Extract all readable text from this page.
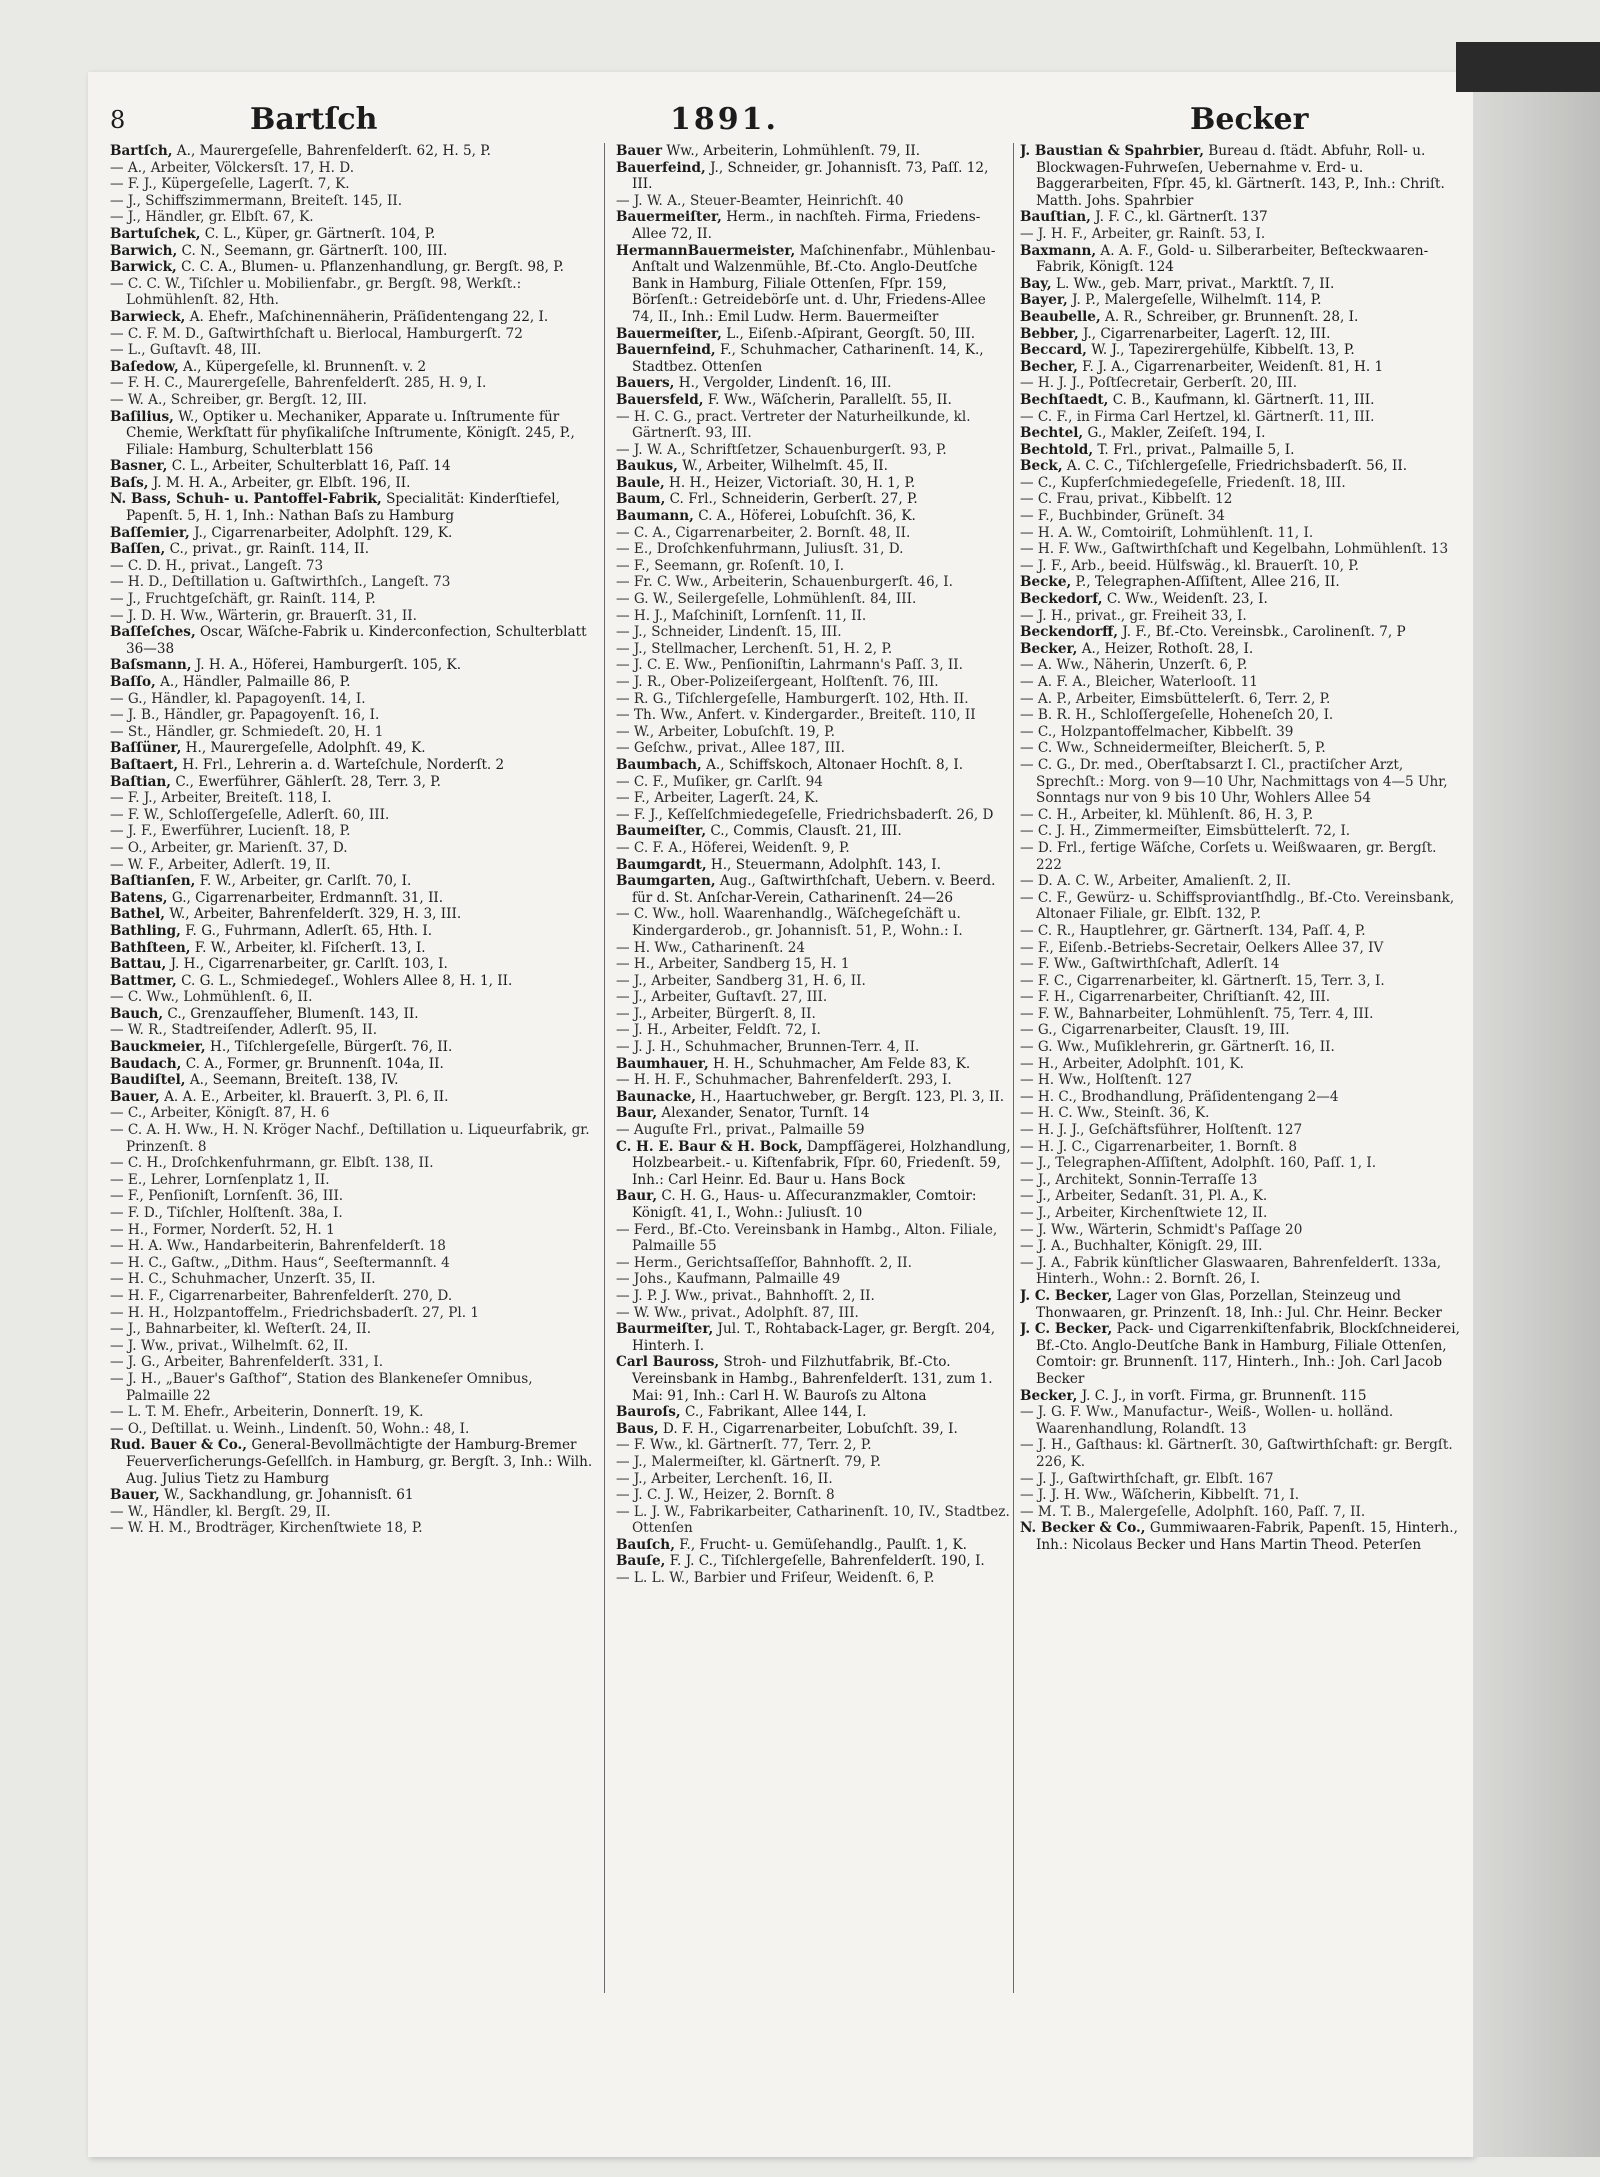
8	Bartſch	1891.	Becker
Bartſch, A., Maurergeſelle, Bahrenfelderſt. 62, H. 5, P.
— A., Arbeiter, Völckersſt. 17, H. D.
— F. J., Küpergeſelle, Lagerſt. 7, K.
— J., Schiffszimmermann, Breiteſt. 145, II.
— J., Händler, gr. Elbſt. 67, K.
Bartuſchek, C. L., Küper, gr. Gärtnerſt. 104, P.
Barwich, C. N., Seemann, gr. Gärtnerſt. 100, III.
Barwick, C. C. A., Blumen- u. Pflanzenhandlung, gr. Bergſt. 98, P.
— C. C. W., Tiſchler u. Mobilienfabr., gr. Bergſt. 98, Werkſt.: Lohmühlenſt. 82, Hth.
Barwieck, A. Ehefr., Maſchinennäherin, Präſidentengang 22, I.
— C. F. M. D., Gaſtwirthſchaft u. Bierlocal, Hamburgerſt. 72
— L., Guſtavſt. 48, III.
Baſedow, A., Küpergeſelle, kl. Brunnenſt. v. 2
— F. H. C., Maurergeſelle, Bahrenfelderſt. 285, H. 9, I.
— W. A., Schreiber, gr. Bergſt. 12, III.
Baſilius, W., Optiker u. Mechaniker, Apparate u. Inſtrumente für Chemie, Werkſtatt für phyſikaliſche Inſtrumente, Königſt. 245, P., Filiale: Hamburg, Schulterblatt 156
Basner, C. L., Arbeiter, Schulterblatt 16, Paſſ. 14
Baſs, J. M. H. A., Arbeiter, gr. Elbſt. 196, II.
N. Bass, Schuh- u. Pantoffel-Fabrik, Specialität: Kinderſtiefel, Papenſt. 5, H. 1, Inh.: Nathan Baſs zu Hamburg
Baſſemier, J., Cigarrenarbeiter, Adolphſt. 129, K.
Baſſen, C., privat., gr. Rainſt. 114, II.
— C. D. H., privat., Langeſt. 73
— H. D., Deſtillation u. Gaſtwirthſch., Langeſt. 73
— J., Fruchtgeſchäft, gr. Rainſt. 114, P.
— J. D. H. Ww., Wärterin, gr. Brauerſt. 31, II.
Baſſeſches, Oscar, Wäſche-Fabrik u. Kinderconfection, Schulterblatt 36—38
Baſsmann, J. H. A., Höferei, Hamburgerſt. 105, K.
Baſſo, A., Händler, Palmaille 86, P.
— G., Händler, kl. Papagoyenſt. 14, I.
— J. B., Händler, gr. Papagoyenſt. 16, I.
— St., Händler, gr. Schmiedeſt. 20, H. 1
Baſſüner, H., Maurergeſelle, Adolphſt. 49, K.
Baſtaert, H. Frl., Lehrerin a. d. Warteſchule, Norderſt. 2
Baſtian, C., Ewerführer, Gählerſt. 28, Terr. 3, P.
— F. J., Arbeiter, Breiteſt. 118, I.
— F. W., Schloſſergeſelle, Adlerſt. 60, III.
— J. F., Ewerführer, Lucienſt. 18, P.
— O., Arbeiter, gr. Marienſt. 37, D.
— W. F., Arbeiter, Adlerſt. 19, II.
Baſtianſen, F. W., Arbeiter, gr. Carlſt. 70, I.
Batens, G., Cigarrenarbeiter, Erdmannſt. 31, II.
Bathel, W., Arbeiter, Bahrenfelderſt. 329, H. 3, III.
Bathling, F. G., Fuhrmann, Adlerſt. 65, Hth. I.
Bathſteen, F. W., Arbeiter, kl. Fiſcherſt. 13, I.
Battau, J. H., Cigarrenarbeiter, gr. Carlſt. 103, I.
Battmer, C. G. L., Schmiedegeſ., Wohlers Allee 8, H. 1, II.
— C. Ww., Lohmühlenſt. 6, II.
Bauch, C., Grenzaufſeher, Blumenſt. 143, II.
— W. R., Stadtreiſender, Adlerſt. 95, II.
Bauckmeier, H., Tiſchlergeſelle, Bürgerſt. 76, II.
Baudach, C. A., Former, gr. Brunnenſt. 104a, II.
Baudiſtel, A., Seemann, Breiteſt. 138, IV.
Bauer, A. A. E., Arbeiter, kl. Brauerſt. 3, Pl. 6, II.
— C., Arbeiter, Königſt. 87, H. 6
— C. A. H. Ww., H. N. Kröger Nachf., Deſtillation u. Liqueurfabrik, gr. Prinzenſt. 8
— C. H., Droſchkenfuhrmann, gr. Elbſt. 138, II.
— E., Lehrer, Lornſenplatz 1, II.
— F., Penſioniſt, Lornſenſt. 36, III.
— F. D., Tiſchler, Holſtenſt. 38a, I.
— H., Former, Norderſt. 52, H. 1
— H. A. Ww., Handarbeiterin, Bahrenfelderſt. 18
— H. C., Gaſtw., „Dithm. Haus“, Seeſtermannſt. 4
— H. C., Schuhmacher, Unzerſt. 35, II.
— H. F., Cigarrenarbeiter, Bahrenfelderſt. 270, D.
— H. H., Holzpantoffelm., Friedrichsbaderſt. 27, Pl. 1
— J., Bahnarbeiter, kl. Weſterſt. 24, II.
— J. Ww., privat., Wilhelmſt. 62, II.
— J. G., Arbeiter, Bahrenfelderſt. 331, I.
— J. H., „Bauer's Gaſthof“, Station des Blankeneſer Omnibus, Palmaille 22
— L. T. M. Ehefr., Arbeiterin, Donnerſt. 19, K.
— O., Deſtillat. u. Weinh., Lindenſt. 50, Wohn.: 48, I.
Rud. Bauer & Co., General-Bevollmächtigte der Hamburg-Bremer Feuerverſicherungs-Geſellſch. in Hamburg, gr. Bergſt. 3, Inh.: Wilh. Aug. Julius Tietz zu Hamburg
Bauer, W., Sackhandlung, gr. Johannisſt. 61
— W., Händler, kl. Bergſt. 29, II.
— W. H. M., Brodträger, Kirchenſtwiete 18, P.
Bauer Ww., Arbeiterin, Lohmühlenſt. 79, II.
Bauerfeind, J., Schneider, gr. Johannisſt. 73, Paſſ. 12, III.
— J. W. A., Steuer-Beamter, Heinrichſt. 40
Bauermeiſter, Herm., in nachſteh. Firma, Friedens-Allee 72, II.
HermannBauermeister, Maſchinenfabr., Mühlenbau-Anſtalt und Walzenmühle, Bf.-Cto. Anglo-Deutſche Bank in Hamburg, Filiale Ottenſen, Fſpr. 159, Börſenſt.: Getreidebörſe unt. d. Uhr, Friedens-Allee 74, II., Inh.: Emil Ludw. Herm. Bauermeiſter
Bauermeiſter, L., Eiſenb.-Aſpirant, Georgſt. 50, III.
Bauernfeind, F., Schuhmacher, Catharinenſt. 14, K., Stadtbez. Ottenſen
Bauers, H., Vergolder, Lindenſt. 16, III.
Bauersfeld, F. Ww., Wäſcherin, Parallelſt. 55, II.
— H. C. G., pract. Vertreter der Naturheilkunde, kl. Gärtnerſt. 93, III.
— J. W. A., Schriftſetzer, Schauenburgerſt. 93, P.
Baukus, W., Arbeiter, Wilhelmſt. 45, II.
Baule, H. H., Heizer, Victoriaſt. 30, H. 1, P.
Baum, C. Frl., Schneiderin, Gerberſt. 27, P.
Baumann, C. A., Höferei, Lobuſchſt. 36, K.
— C. A., Cigarrenarbeiter, 2. Bornſt. 48, II.
— E., Droſchkenfuhrmann, Juliusſt. 31, D.
— F., Seemann, gr. Roſenſt. 10, I.
— Fr. C. Ww., Arbeiterin, Schauenburgerſt. 46, I.
— G. W., Seilergeſelle, Lohmühlenſt. 84, III.
— H. J., Maſchiniſt, Lornſenſt. 11, II.
— J., Schneider, Lindenſt. 15, III.
— J., Stellmacher, Lerchenſt. 51, H. 2, P.
— J. C. E. Ww., Penſioniſtin, Lahrmann's Paſſ. 3, II.
— J. R., Ober-Polizeiſergeant, Holſtenſt. 76, III.
— R. G., Tiſchlergeſelle, Hamburgerſt. 102, Hth. II.
— Th. Ww., Anfert. v. Kindergarder., Breiteſt. 110, II
— W., Arbeiter, Lobuſchſt. 19, P.
— Geſchw., privat., Allee 187, III.
Baumbach, A., Schiffskoch, Altonaer Hochſt. 8, I.
— C. F., Muſiker, gr. Carlſt. 94
— F., Arbeiter, Lagerſt. 24, K.
— F. J., Keſſelſchmiedegeſelle, Friedrichsbaderſt. 26, D
Baumeiſter, C., Commis, Clausſt. 21, III.
— C. F. A., Höferei, Weidenſt. 9, P.
Baumgardt, H., Steuermann, Adolphſt. 143, I.
Baumgarten, Aug., Gaſtwirthſchaft, Uebern. v. Beerd. für d. St. Anſchar-Verein, Catharinenſt. 24—26
— C. Ww., holl. Waarenhandlg., Wäſchegeſchäft u. Kindergarderob., gr. Johannisſt. 51, P., Wohn.: I.
— H. Ww., Catharinenſt. 24
— H., Arbeiter, Sandberg 15, H. 1
— J., Arbeiter, Sandberg 31, H. 6, II.
— J., Arbeiter, Guſtavſt. 27, III.
— J., Arbeiter, Bürgerſt. 8, II.
— J. H., Arbeiter, Feldſt. 72, I.
— J. J. H., Schuhmacher, Brunnen-Terr. 4, II.
Baumhauer, H. H., Schuhmacher, Am Felde 83, K.
— H. H. F., Schuhmacher, Bahrenfelderſt. 293, I.
Baunacke, H., Haartuchweber, gr. Bergſt. 123, Pl. 3, II.
Baur, Alexander, Senator, Turnſt. 14
— Auguſte Frl., privat., Palmaille 59
C. H. E. Baur & H. Bock, Dampfſägerei, Holzhandlung, Holzbearbeit.- u. Kiſtenfabrik, Fſpr. 60, Friedenſt. 59, Inh.: Carl Heinr. Ed. Baur u. Hans Bock
Baur, C. H. G., Haus- u. Aſſecuranzmakler, Comtoir: Königſt. 41, I., Wohn.: Juliusſt. 10
— Ferd., Bf.-Cto. Vereinsbank in Hambg., Alton. Filiale, Palmaille 55
— Herm., Gerichtsaſſeſſor, Bahnhofſt. 2, II.
— Johs., Kaufmann, Palmaille 49
— J. P. J. Ww., privat., Bahnhofſt. 2, II.
— W. Ww., privat., Adolphſt. 87, III.
Baurmeiſter, Jul. T., Rohtaback-Lager, gr. Bergſt. 204, Hinterh. I.
Carl Bauross, Stroh- und Filzhutfabrik, Bf.-Cto. Vereinsbank in Hambg., Bahrenfelderſt. 131, zum 1. Mai: 91, Inh.: Carl H. W. Bauroſs zu Altona
Bauroſs, C., Fabrikant, Allee 144, I.
Baus, D. F. H., Cigarrenarbeiter, Lobuſchſt. 39, I.
— F. Ww., kl. Gärtnerſt. 77, Terr. 2, P.
— J., Malermeiſter, kl. Gärtnerſt. 79, P.
— J., Arbeiter, Lerchenſt. 16, II.
— J. C. J. W., Heizer, 2. Bornſt. 8
— L. J. W., Fabrikarbeiter, Catharinenſt. 10, IV., Stadtbez. Ottenſen
Bauſch, F., Frucht- u. Gemüſehandlg., Paulſt. 1, K.
Bauſe, F. J. C., Tiſchlergeſelle, Bahrenfelderſt. 190, I.
— L. L. W., Barbier und Friſeur, Weidenſt. 6, P.
J. Baustian & Spahrbier, Bureau d. ſtädt. Abfuhr, Roll- u. Blockwagen-Fuhrweſen, Uebernahme v. Erd- u. Baggerarbeiten, Fſpr. 45, kl. Gärtnerſt. 143, P., Inh.: Chriſt. Matth. Johs. Spahrbier
Bauſtian, J. F. C., kl. Gärtnerſt. 137
— J. H. F., Arbeiter, gr. Rainſt. 53, I.
Baxmann, A. A. F., Gold- u. Silberarbeiter, Beſteckwaaren-Fabrik, Königſt. 124
Bay, L. Ww., geb. Marr, privat., Marktſt. 7, II.
Bayer, J. P., Malergeſelle, Wilhelmſt. 114, P.
Beaubelle, A. R., Schreiber, gr. Brunnenſt. 28, I.
Bebber, J., Cigarrenarbeiter, Lagerſt. 12, III.
Beccard, W. J., Tapezirergehülfe, Kibbelſt. 13, P.
Becher, F. J. A., Cigarrenarbeiter, Weidenſt. 81, H. 1
— H. J. J., Poſtſecretair, Gerberſt. 20, III.
Bechſtaedt, C. B., Kaufmann, kl. Gärtnerſt. 11, III.
— C. F., in Firma Carl Hertzel, kl. Gärtnerſt. 11, III.
Bechtel, G., Makler, Zeiſeſt. 194, I.
Bechtold, T. Frl., privat., Palmaille 5, I.
Beck, A. C. C., Tiſchlergeſelle, Friedrichsbaderſt. 56, II.
— C., Kupferſchmiedegeſelle, Friedenſt. 18, III.
— C. Frau, privat., Kibbelſt. 12
— F., Buchbinder, Grüneſt. 34
— H. A. W., Comtoiriſt, Lohmühlenſt. 11, I.
— H. F. Ww., Gaſtwirthſchaft und Kegelbahn, Lohmühlenſt. 13
— J. F., Arb., beeid. Hülfswäg., kl. Brauerſt. 10, P.
Becke, P., Telegraphen-Aſſiſtent, Allee 216, II.
Beckedorf, C. Ww., Weidenſt. 23, I.
— J. H., privat., gr. Freiheit 33, I.
Beckendorff, J. F., Bf.-Cto. Vereinsbk., Carolinenſt. 7, P
Becker, A., Heizer, Rothoſt. 28, I.
— A. Ww., Näherin, Unzerſt. 6, P.
— A. F. A., Bleicher, Waterlooſt. 11
— A. P., Arbeiter, Eimsbüttelerſt. 6, Terr. 2, P.
— B. R. H., Schloſſergeſelle, Hoheneſch 20, I.
— C., Holzpantoffelmacher, Kibbelſt. 39
— C. Ww., Schneidermeiſter, Bleicherſt. 5, P.
— C. G., Dr. med., Oberſtabsarzt I. Cl., practiſcher Arzt, Sprechſt.: Morg. von 9—10 Uhr, Nachmittags von 4—5 Uhr, Sonntags nur von 9 bis 10 Uhr, Wohlers Allee 54
— C. H., Arbeiter, kl. Mühlenſt. 86, H. 3, P.
— C. J. H., Zimmermeiſter, Eimsbüttelerſt. 72, I.
— D. Frl., fertige Wäſche, Corſets u. Weißwaaren, gr. Bergſt. 222
— D. A. C. W., Arbeiter, Amalienſt. 2, II.
— C. F., Gewürz- u. Schiffsproviantſhdlg., Bf.-Cto. Vereinsbank, Altonaer Filiale, gr. Elbſt. 132, P.
— C. R., Hauptlehrer, gr. Gärtnerſt. 134, Paſſ. 4, P.
— F., Eiſenb.-Betriebs-Secretair, Oelkers Allee 37, IV
— F. Ww., Gaſtwirthſchaft, Adlerſt. 14
— F. C., Cigarrenarbeiter, kl. Gärtnerſt. 15, Terr. 3, I.
— F. H., Cigarrenarbeiter, Chriſtianſt. 42, III.
— F. W., Bahnarbeiter, Lohmühlenſt. 75, Terr. 4, III.
— G., Cigarrenarbeiter, Clausſt. 19, III.
— G. Ww., Muſiklehrerin, gr. Gärtnerſt. 16, II.
— H., Arbeiter, Adolphſt. 101, K.
— H. Ww., Holſtenſt. 127
— H. C., Brodhandlung, Präſidentengang 2—4
— H. C. Ww., Steinſt. 36, K.
— H. J. J., Geſchäftsführer, Holſtenſt. 127
— H. J. C., Cigarrenarbeiter, 1. Bornſt. 8
— J., Telegraphen-Aſſiſtent, Adolphſt. 160, Paſſ. 1, I.
— J., Architekt, Sonnin-Terraſſe 13
— J., Arbeiter, Sedanſt. 31, Pl. A., K.
— J., Arbeiter, Kirchenſtwiete 12, II.
— J. Ww., Wärterin, Schmidt's Paſſage 20
— J. A., Buchhalter, Königſt. 29, III.
— J. A., Fabrik künſtlicher Glaswaaren, Bahrenfelderſt. 133a, Hinterh., Wohn.: 2. Bornſt. 26, I.
J. C. Becker, Lager von Glas, Porzellan, Steinzeug und Thonwaaren, gr. Prinzenſt. 18, Inh.: Jul. Chr. Heinr. Becker
J. C. Becker, Pack- und Cigarrenkiſtenfabrik, Blockſchneiderei, Bf.-Cto. Anglo-Deutſche Bank in Hamburg, Filiale Ottenſen, Comtoir: gr. Brunnenſt. 117, Hinterh., Inh.: Joh. Carl Jacob Becker
Becker, J. C. J., in vorſt. Firma, gr. Brunnenſt. 115
— J. G. F. Ww., Manufactur-, Weiß-, Wollen- u. holländ. Waarenhandlung, Rolandſt. 13
— J. H., Gaſthaus: kl. Gärtnerſt. 30, Gaſtwirthſchaft: gr. Bergſt. 226, K.
— J. J., Gaſtwirthſchaft, gr. Elbſt. 167
— J. J. H. Ww., Wäſcherin, Kibbelſt. 71, I.
— M. T. B., Malergeſelle, Adolphſt. 160, Paſſ. 7, II.
N. Becker & Co., Gummiwaaren-Fabrik, Papenſt. 15, Hinterh., Inh.: Nicolaus Becker und Hans Martin Theod. Peterſen
